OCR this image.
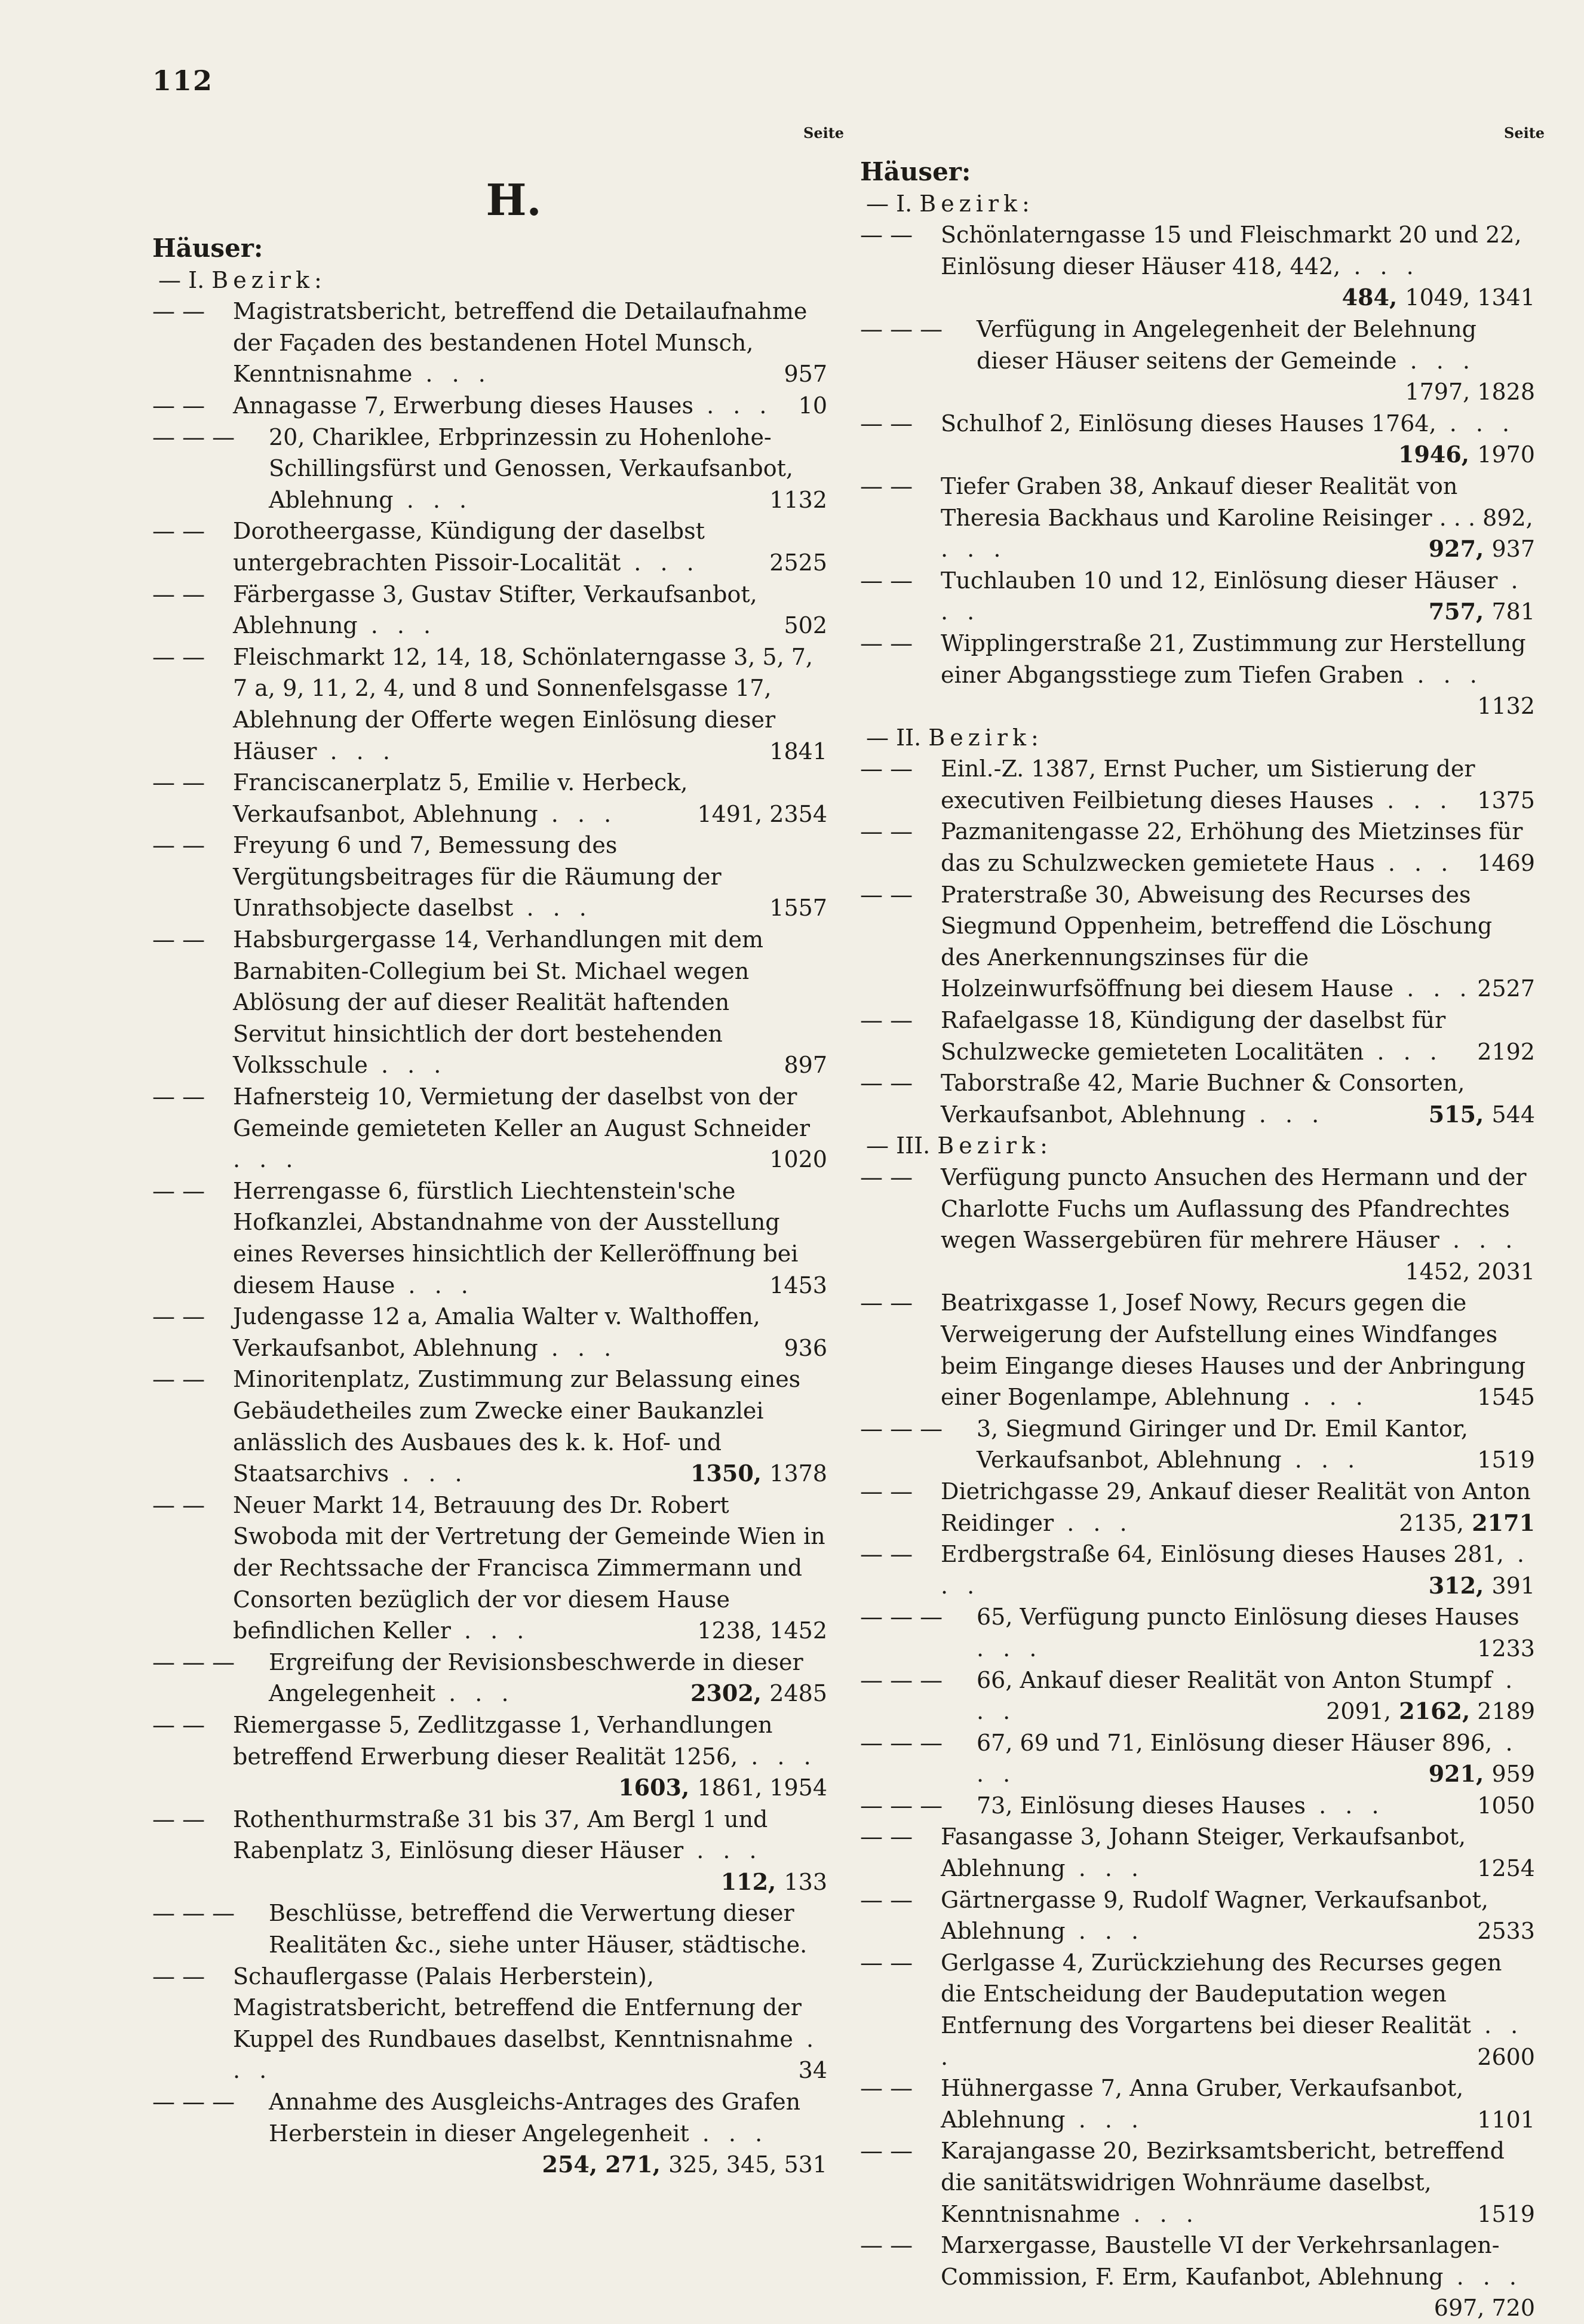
112
Seite	Seite
H.
Häuser:
— I. Bezirk:
— —	Magistratsbericht, betreffend die Detailaufnahme der Façaden des bestandenen Hotel Munsch, Kenntnisnahme . . .	957
— —	Annagasse 7, Erwerbung dieses Hauses . . . 10
— — —	20, Chariklee, Erbprinzessin zu Hohenlohe-Schillingsfürst und Genossen, Verkaufsanbot, Ablehnung . . .	1132
— —	Dorotheergasse, Kündigung der daselbst untergebrachten Pissoir-Localität . . .	2525
— —	Färbergasse 3, Gustav Stifter, Verkaufsanbot, Ablehnung . . .	502
— —	Fleischmarkt 12, 14, 18, Schönlaterngasse 3, 5, 7, 7 a, 9, 11, 2, 4, und 8 und Sonnenfelsgasse 17, Ablehnung der Offerte wegen Einlösung dieser Häuser . . .	1841
— —	Franciscanerplatz 5, Emilie v. Herbeck, Verkaufsanbot, Ablehnung . . .	1491, 2354
— —	Freyung 6 und 7, Bemessung des Vergütungsbeitrages für die Räumung der Unrathsobjecte daselbst . . .	1557
— —	Habsburgergasse 14, Verhandlungen mit dem Barnabiten-Collegium bei St. Michael wegen Ablösung der auf dieser Realität haftenden Servitut hinsichtlich der dort bestehenden Volksschule . . .	897
— —	Hafnersteig 10, Vermietung der daselbst von der Gemeinde gemieteten Keller an August Schneider . . .	1020
— —	Herrengasse 6, fürstlich Liechtenstein'sche Hofkanzlei, Abstandnahme von der Ausstellung eines Reverses hinsichtlich der Kelleröffnung bei diesem Hause . . .	1453
— —	Judengasse 12 a, Amalia Walter v. Walthoffen, Verkaufsanbot, Ablehnung . . .	936
— —	Minoritenplatz, Zustimmung zur Belassung eines Gebäudetheiles zum Zwecke einer Baukanzlei anlässlich des Ausbaues des k. k. Hof- und Staatsarchivs . . .	1350, 1378
— —	Neuer Markt 14, Betrauung des Dr. Robert Swoboda mit der Vertretung der Gemeinde Wien in der Rechtssache der Francisca Zimmermann und Consorten bezüglich der vor diesem Hause befindlichen Keller . . .	1238, 1452
— — —	Ergreifung der Revisionsbeschwerde in dieser Angelegenheit . . .	2302, 2485
— —	Riemergasse 5, Zedlitzgasse 1, Verhandlungen betreffend Erwerbung dieser Realität 1256, . . .
1603, 1861, 1954
— —	Rothenthurmstraße 31 bis 37, Am Bergl 1 und Rabenplatz 3, Einlösung dieser Häuser . . .
112, 133
— — —	Beschlüsse, betreffend die Verwertung dieser Realitäten &c., siehe unter Häuser, städtische.
— —	Schauflergasse (Palais Herberstein), Magistratsbericht, betreffend die Entfernung der Kuppel des Rundbaues daselbst, Kenntnisnahme . . .	34
— — —	Annahme des Ausgleichs-Antrages des Grafen Herberstein in dieser Angelegenheit . . .
254, 271, 325, 345, 531
Häuser:
— I. Bezirk:
— —	Schönlaterngasse 15 und Fleischmarkt 20 und 22, Einlösung dieser Häuser 418, 442, . . .
484, 1049, 1341
— — —	Verfügung in Angelegenheit der Belehnung dieser Häuser seitens der Gemeinde . . .
1797, 1828
— —	Schulhof 2, Einlösung dieses Hauses 1764, . . .
1946, 1970
— —	Tiefer Graben 38, Ankauf dieser Realität von Theresia Backhaus und Karoline Reisinger . . . 892, . . .	927, 937
— —	Tuchlauben 10 und 12, Einlösung dieser Häuser . . .	757, 781
— —	Wipplingerstraße 21, Zustimmung zur Herstellung einer Abgangsstiege zum Tiefen Graben . . .
1132
— II. Bezirk:
— —	Einl.-Z. 1387, Ernst Pucher, um Sistierung der executiven Feilbietung dieses Hauses . . . 1375
— —	Pazmanitengasse 22, Erhöhung des Mietzinses für das zu Schulzwecken gemietete Haus . . . 1469
— —	Praterstraße 30, Abweisung des Recurses des Siegmund Oppenheim, betreffend die Löschung des Anerkennungszinses für die Holzeinwurfsöffnung bei diesem Hause . . . 2527
— —	Rafaelgasse 18, Kündigung der daselbst für Schulzwecke gemieteten Localitäten . . . 2192
— —	Taborstraße 42, Marie Buchner & Consorten, Verkaufsanbot, Ablehnung . . .	515, 544
— III. Bezirk:
— —	Verfügung puncto Ansuchen des Hermann und der Charlotte Fuchs um Auflassung des Pfandrechtes wegen Wassergebüren für mehrere Häuser . . .
1452, 2031
— —	Beatrixgasse 1, Josef Nowy, Recurs gegen die Verweigerung der Aufstellung eines Windfanges beim Eingange dieses Hauses und der Anbringung einer Bogenlampe, Ablehnung . . .	1545
— — —	3, Siegmund Giringer und Dr. Emil Kantor, Verkaufsanbot, Ablehnung . . .	1519
— —	Dietrichgasse 29, Ankauf dieser Realität von Anton Reidinger . . .	2135, 2171
— —	Erdbergstraße 64, Einlösung dieses Hauses 281, . . .	312, 391
— — —	65, Verfügung puncto Einlösung dieses Hauses . . .	1233
— — —	66, Ankauf dieser Realität von Anton Stumpf . . .	2091, 2162, 2189
— — —	67, 69 und 71, Einlösung dieser Häuser 896, . . .	921, 959
— — —	73, Einlösung dieses Hauses . . .	1050
— —	Fasangasse 3, Johann Steiger, Verkaufsanbot, Ablehnung . . .	1254
— —	Gärtnergasse 9, Rudolf Wagner, Verkaufsanbot, Ablehnung . . .	2533
— —	Gerlgasse 4, Zurückziehung des Recurses gegen die Entscheidung der Baudeputation wegen Entfernung des Vorgartens bei dieser Realität . . .	2600
— —	Hühnergasse 7, Anna Gruber, Verkaufsanbot, Ablehnung . . .	1101
— —	Karajangasse 20, Bezirksamtsbericht, betreffend die sanitätswidrigen Wohnräume daselbst, Kenntnisnahme . . .	1519
— —	Marxergasse, Baustelle VI der Verkehrsanlagen-Commission, F. Erm, Kaufanbot, Ablehnung . . .
697, 720
